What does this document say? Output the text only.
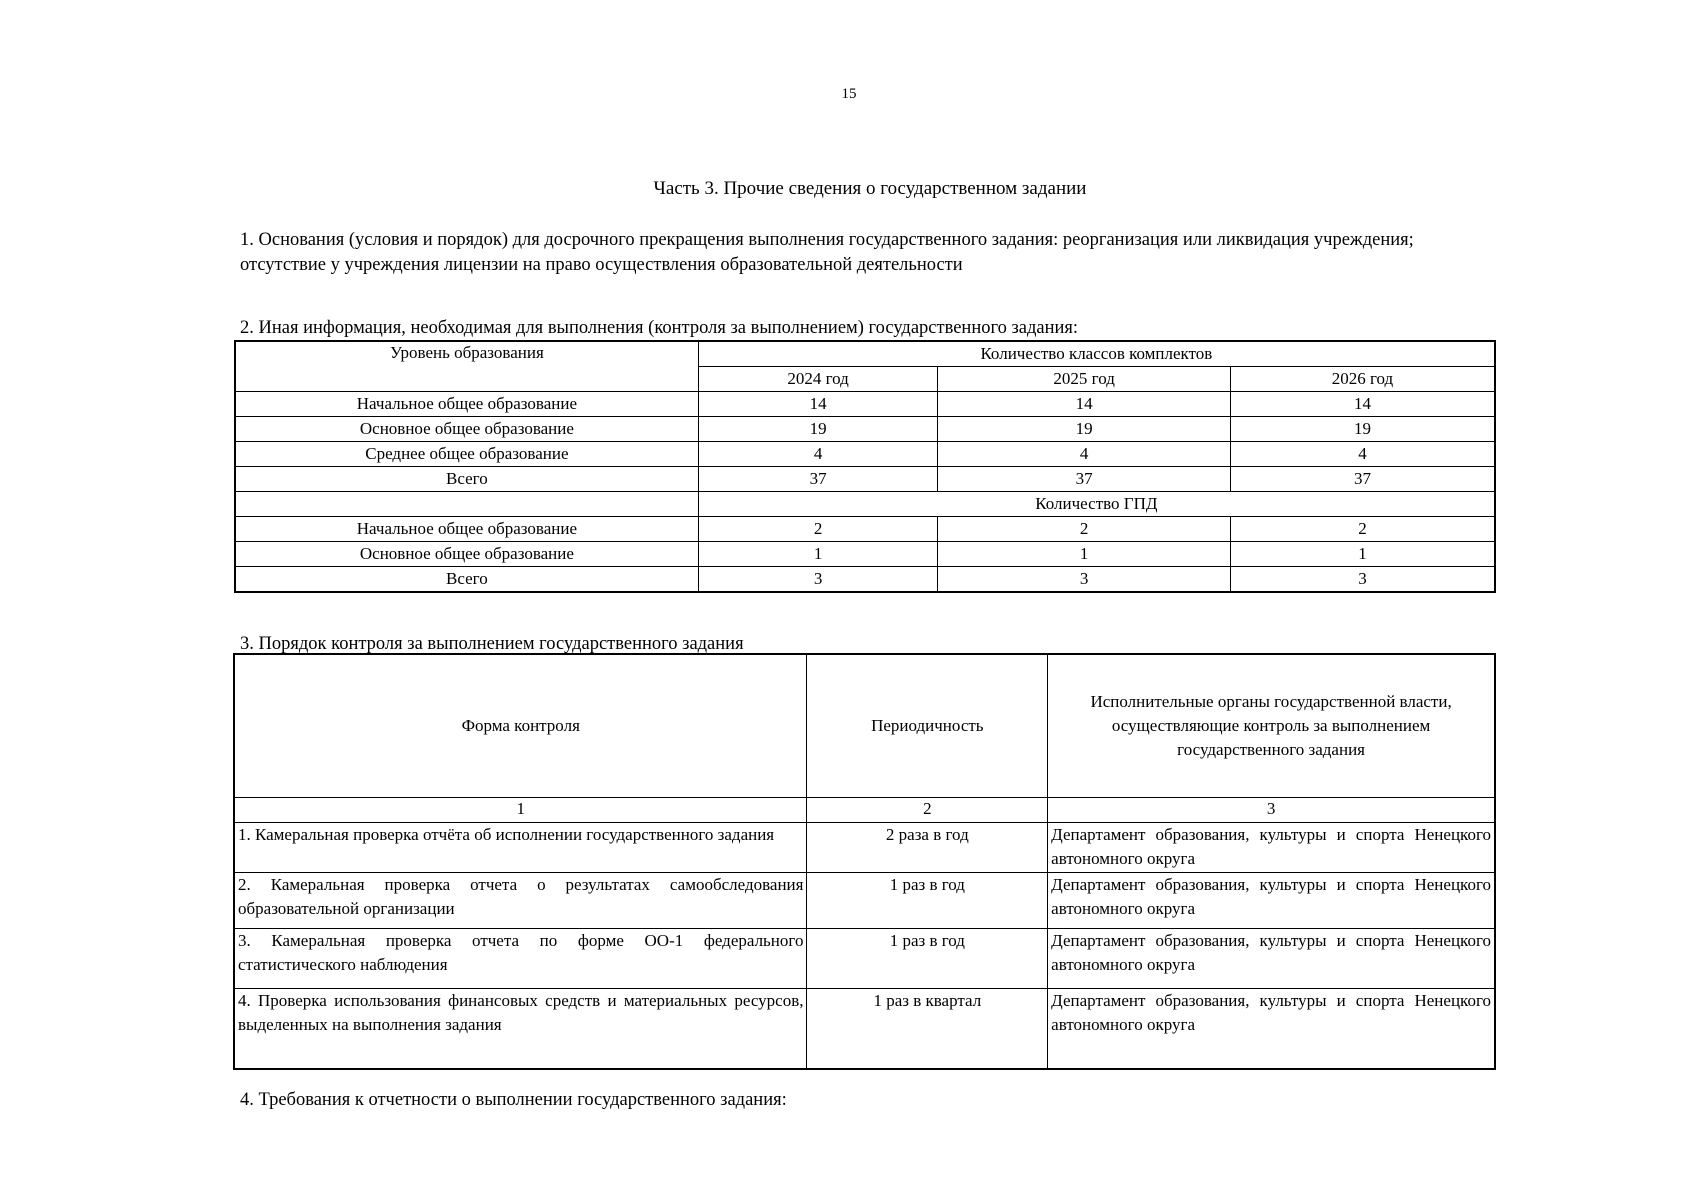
15
Часть 3. Прочие сведения о государственном задании
1. Основания (условия и порядок) для досрочного прекращения выполнения государственного задания: реорганизация или ликвидация учреждения; отсутствие у учреждения лицензии на право осуществления образовательной деятельности
2. Иная информация, необходимая для выполнения (контроля за выполнением) государственного задания:
Уровень образования	Количество классов комплектов		
	2024 год	2025 год	2026 год
Начальное общее образование	14	14	14
Основное общее образование	19	19	19
Среднее общее образование	4	4	4
Всего	37	37	37
	Количество ГПД		
Начальное общее образование	2	2	2
Основное общее образование	1	1	1
Всего	3	3	3
3. Порядок контроля за выполнением государственного задания
Форма контроля	Периодичность	Исполнительные органы государственной власти, осуществляющие контроль за выполнением государственного задания
1	2	3
1. Камеральная проверка отчёта об исполнении государственного задания	2 раза в год	Департамент образования, культуры и спорта Ненецкого автономного округа
2. Камеральная проверка отчета о результатах самообследования образовательной организации	1 раз в год	Департамент образования, культуры и спорта Ненецкого автономного округа
3. Камеральная проверка отчета по форме ОО-1 федерального статистического наблюдения	1 раз в год	Департамент образования, культуры и спорта Ненецкого автономного округа
4. Проверка использования финансовых средств и материальных ресурсов, выделенных на выполнения задания	1 раз в квартал	Департамент образования, культуры и спорта Ненецкого автономного округа
4. Требования к отчетности о выполнении государственного задания:
